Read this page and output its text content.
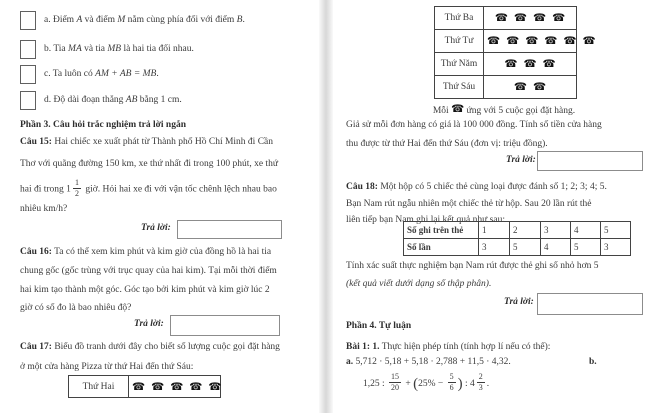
a. Điểm A và điểm M nằm cùng phía đối với điểm B.
b. Tia MA và tia MB là hai tia đối nhau.
c. Ta luôn có AM + AB = MB.
d. Độ dài đoạn thẳng AB bằng 1 cm.
Phần 3. Câu hỏi trắc nghiệm trả lời ngắn
Câu 15: Hai chiếc xe xuất phát từ Thành phố Hồ Chí Minh đi Cần
Thơ với quãng đường 150 km, xe thứ nhất đi trong 100 phút, xe thứ
hai đi trong $1 \frac{1}{2}$ giờ. Hỏi hai xe đi với vận tốc chênh lệch nhau bao
nhiêu km/h?
Trả lời:
Câu 16: Ta có thể xem kim phút và kim giờ của đồng hồ là hai tia
chung gốc (gốc trùng với trục quay của hai kim). Tại mỗi thời điểm
hai kim tạo thành một góc. Góc tạo bởi kim phút và kim giờ lúc 2
giờ có số đo là bao nhiêu độ?
Trả lời:
Câu 17: Biểu đồ tranh dưới đây cho biết số lượng cuộc gọi đặt hàng
ở một cửa hàng Pizza từ thứ Hai đến thứ Sáu:
Thứ Hai	☎ ☎ ☎ ☎ ☎
Thứ Ba	☎ ☎ ☎ ☎
Thứ Tư	☎ ☎ ☎ ☎ ☎ ☎
Thứ Năm	☎ ☎ ☎
Thứ Sáu	☎ ☎
Mỗi ☎ ứng với 5 cuộc gọi đặt hàng.
Giả sử mỗi đơn hàng có giá là 100 000 đồng. Tính số tiền cửa hàng
thu được từ thứ Hai đến thứ Sáu (đơn vị: triệu đồng).
Trả lời:
Câu 18: Một hộp có 5 chiếc thẻ cùng loại được đánh số 1; 2; 3; 4; 5.
Bạn Nam rút ngẫu nhiên một chiếc thẻ từ hộp. Sau 20 lần rút thẻ
liên tiếp bạn Nam ghi lại kết quả như sau:
Số ghi trên thẻ	1	2	3	4	5
Số lần	3	5	4	5	3
Tính xác suất thực nghiệm bạn Nam rút được thẻ ghi số nhỏ hơn 5
(kết quả viết dưới dạng số thập phân).
Trả lời:
Phần 4. Tự luận
Bài 1: 1. Thực hiện phép tính (tính hợp lí nếu có thể):
a. 5,712 · 5,18 + 5,18 · 2,788 + 11,5 · 4,32.	b.
1,25 : $\frac{15}{20} + (25\% - \frac{5}{6}$ ) : $4 \frac{2}{3}$ .
